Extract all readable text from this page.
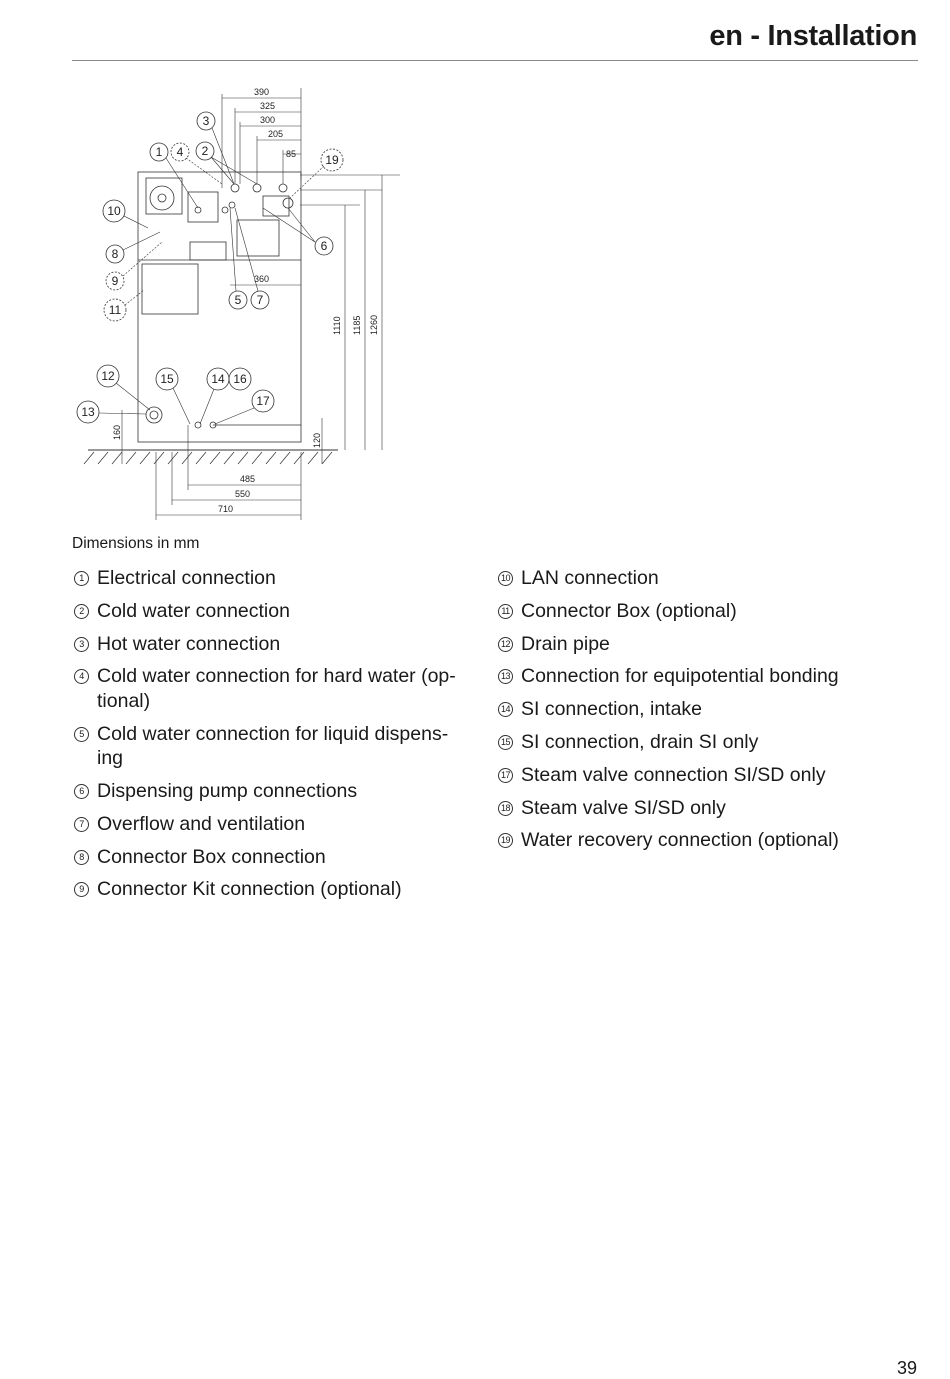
en - Installation
390
325
300
205
85
360
1110 1185 1260
160
120
485
550
710
1 4 2
3
19
10
6
8
9
5 7
11
12	15	14 16
17
13
Dimensions in mm
1 Electrical connection
2 Cold water connection
3 Hot water connection
4 Cold water connection for hard water (op-
tional)
5 Cold water connection for liquid dispens-
ing
6 Dispensing pump connections
7 Overflow and ventilation
8 Connector Box connection
9 Connector Kit connection (optional)
10 LAN connection
11 Connector Box (optional)
12 Drain pipe
13 Connection for equipotential bonding
14 SI connection, intake
15 SI connection, drain SI only
17 Steam valve connection SI/SD only
18 Steam valve SI/SD only
19 Water recovery connection (optional)
39
